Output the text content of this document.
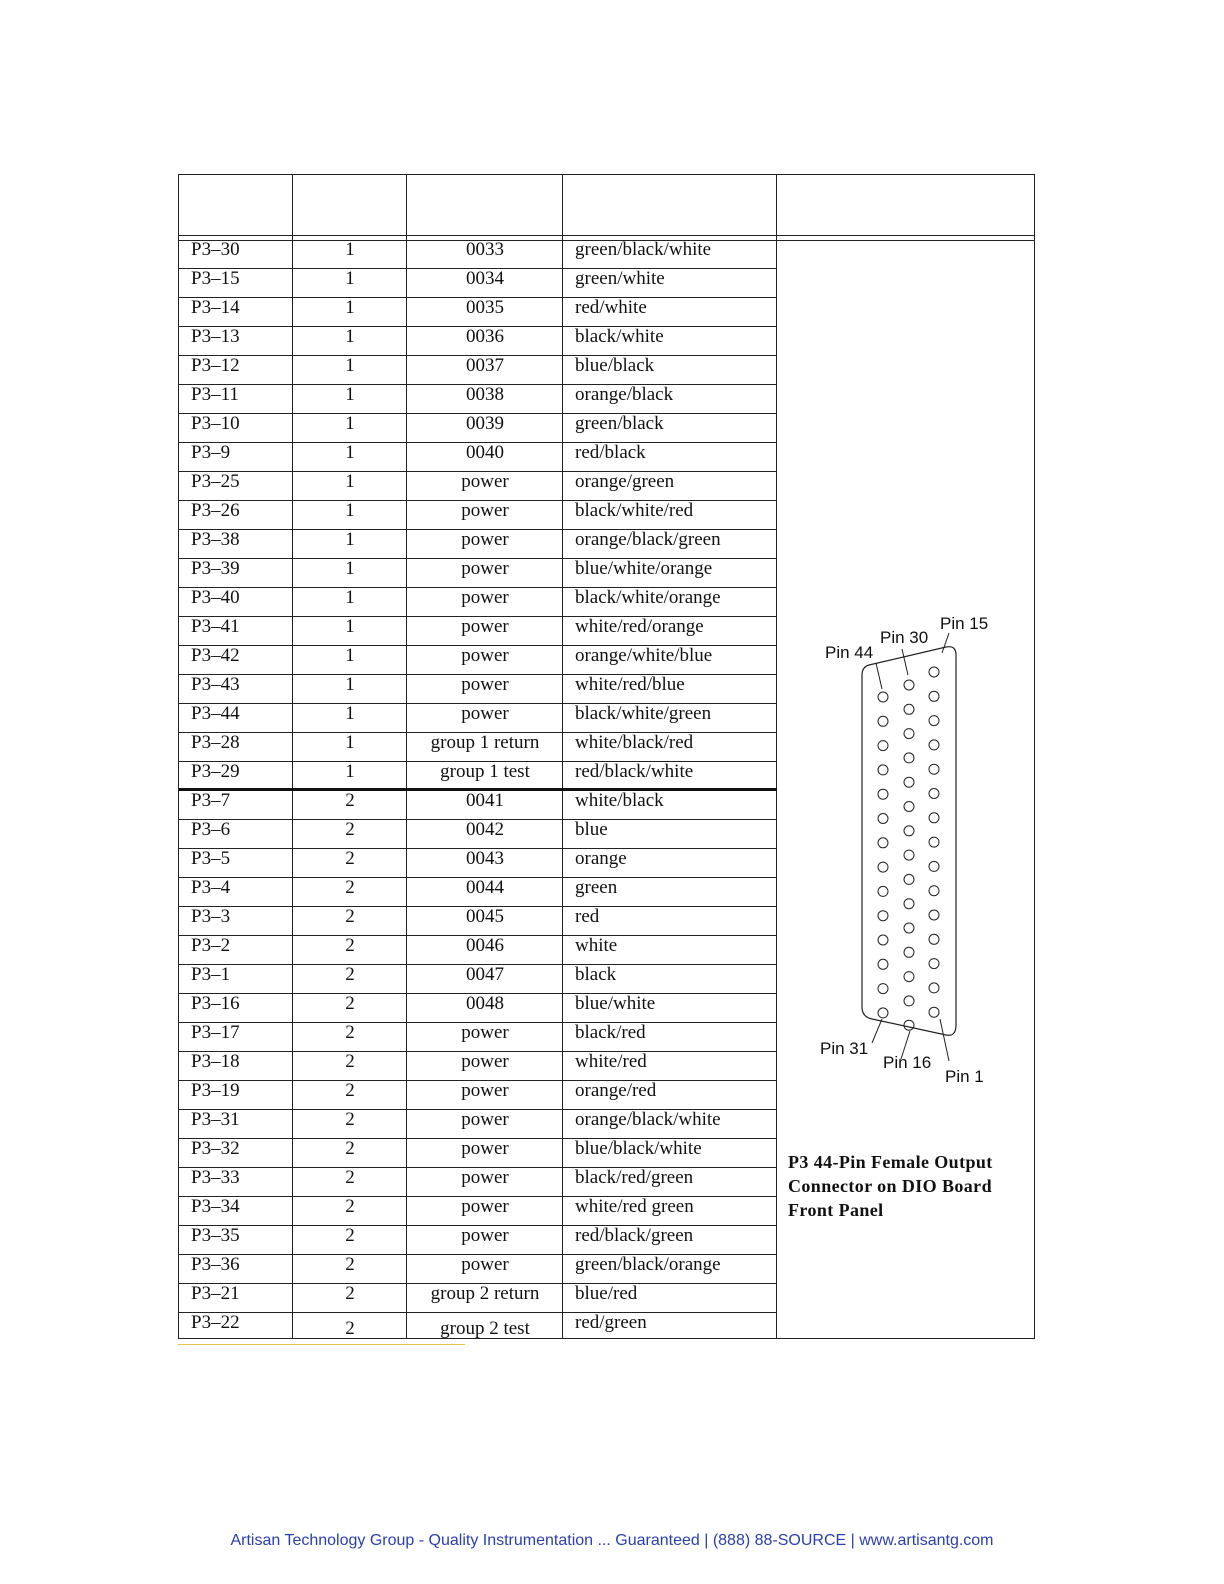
P3–30	1	0033	green/black/white
P3–15	1	0034	green/white
P3–14	1	0035	red/white
P3–13	1	0036	black/white
P3–12	1	0037	blue/black
P3–11	1	0038	orange/black
P3–10	1	0039	green/black
P3–9	1	0040	red/black
P3–25	1	power	orange/green
P3–26	1	power	black/white/red
P3–38	1	power	orange/black/green
P3–39	1	power	blue/white/orange
P3–40	1	power	black/white/orange
P3–41	1	power	white/red/orange
P3–42	1	power	orange/white/blue
P3–43	1	power	white/red/blue
P3–44	1	power	black/white/green
P3–28	1	group 1 return	white/black/red
P3–29	1	group 1 test	red/black/white
P3–7	2	0041	white/black
P3–6	2	0042	blue
P3–5	2	0043	orange
P3–4	2	0044	green
P3–3	2	0045	red
P3–2	2	0046	white
P3–1	2	0047	black
P3–16	2	0048	blue/white
P3–17	2	power	black/red
P3–18	2	power	white/red
P3–19	2	power	orange/red
P3–31	2	power	orange/black/white
P3–32	2	power	blue/black/white
P3–33	2	power	black/red/green
P3–34	2	power	white/red green
P3–35	2	power	red/black/green
P3–36	2	power	green/black/orange
P3–21	2	group 2 return	blue/red
P3–22	2	group 2 test	red/green
Pin 15
Pin 30
Pin 44
Pin 31
Pin 16
Pin 1
P3 44-Pin Female Output
Connector on DIO Board
Front Panel
Artisan Technology Group - Quality Instrumentation ... Guaranteed | (888) 88-SOURCE | www.artisantg.com
